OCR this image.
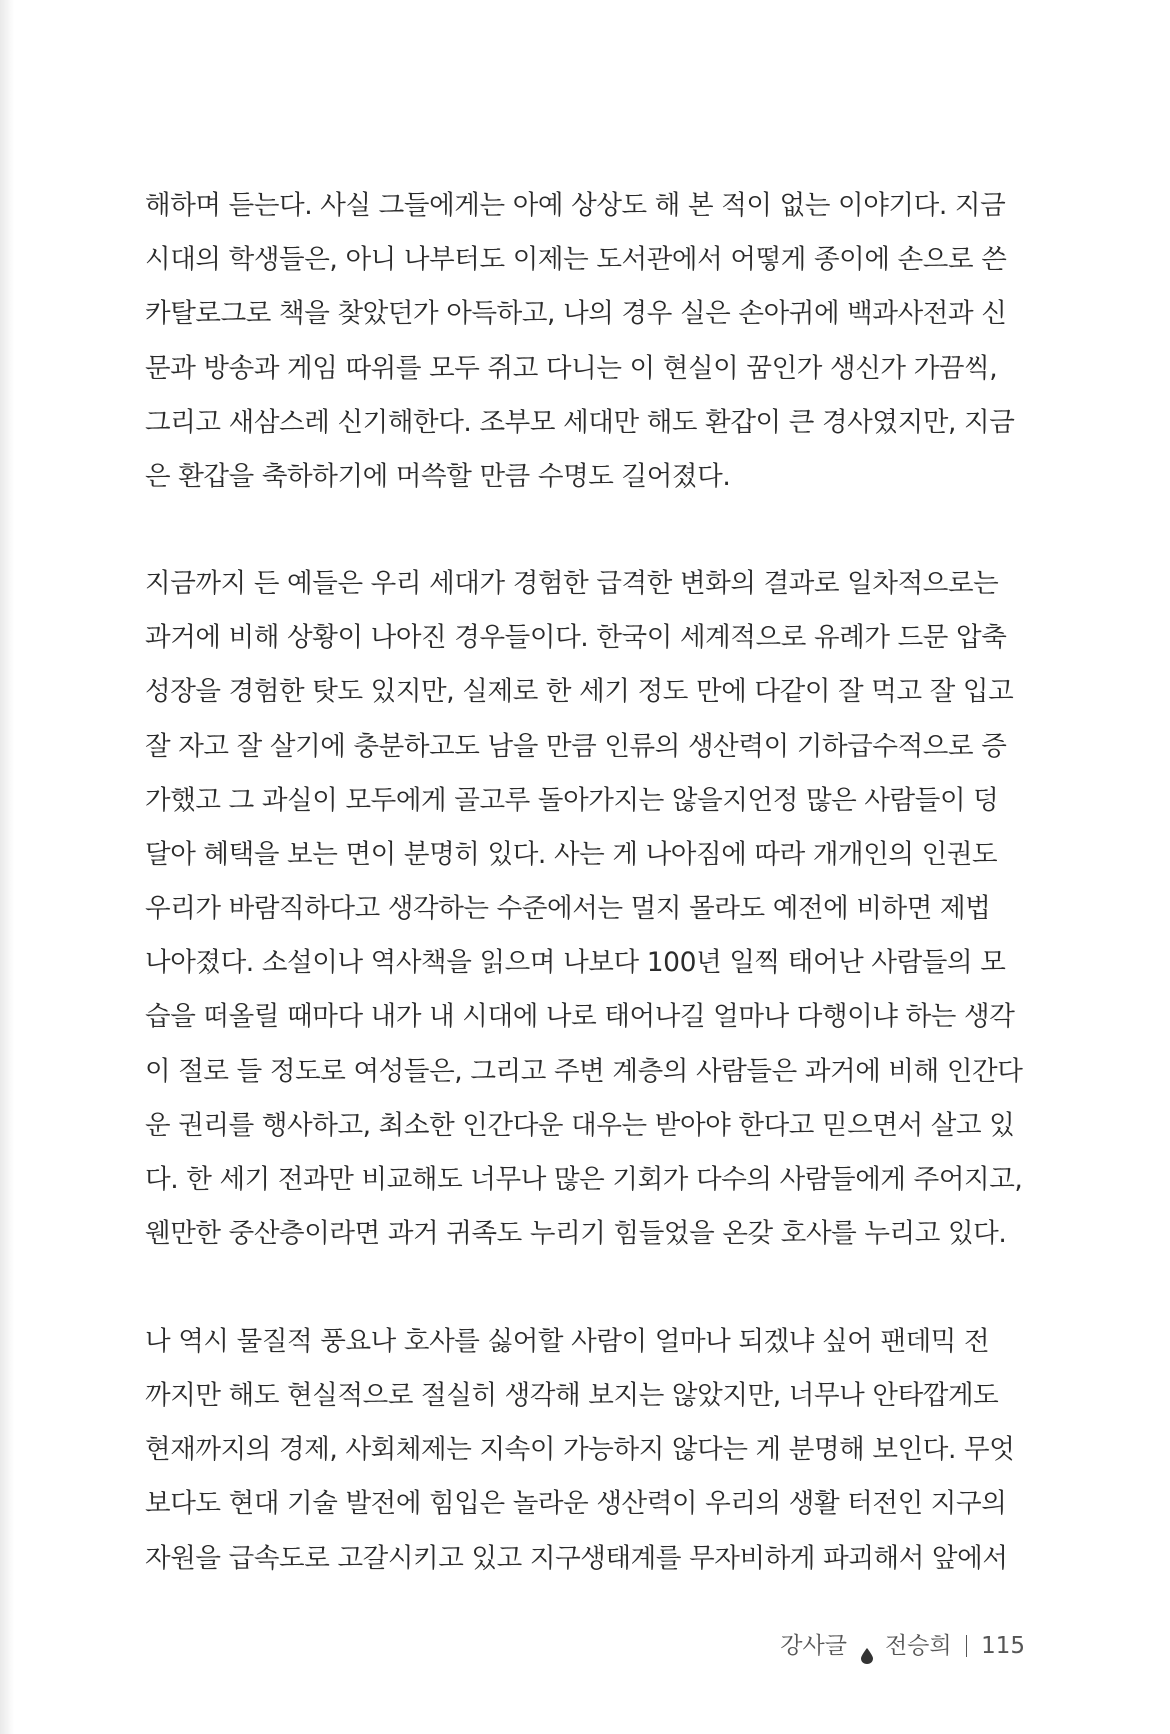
해하며 듣는다. 사실 그들에게는 아예 상상도 해 본 적이 없는 이야기다. 지금
시대의 학생들은, 아니 나부터도 이제는 도서관에서 어떻게 종이에 손으로 쓴
카탈로그로 책을 찾았던가 아득하고, 나의 경우 실은 손아귀에 백과사전과 신
문과 방송과 게임 따위를 모두 쥐고 다니는 이 현실이 꿈인가 생신가 가끔씩,
그리고 새삼스레 신기해한다. 조부모 세대만 해도 환갑이 큰 경사였지만, 지금
은 환갑을 축하하기에 머쓱할 만큼 수명도 길어졌다.
지금까지 든 예들은 우리 세대가 경험한 급격한 변화의 결과로 일차적으로는
과거에 비해 상황이 나아진 경우들이다. 한국이 세계적으로 유례가 드문 압축
성장을 경험한 탓도 있지만, 실제로 한 세기 정도 만에 다같이 잘 먹고 잘 입고
잘 자고 잘 살기에 충분하고도 남을 만큼 인류의 생산력이 기하급수적으로 증
가했고 그 과실이 모두에게 골고루 돌아가지는 않을지언정 많은 사람들이 덩
달아 혜택을 보는 면이 분명히 있다. 사는 게 나아짐에 따라 개개인의 인권도
우리가 바람직하다고 생각하는 수준에서는 멀지 몰라도 예전에 비하면 제법
나아졌다. 소설이나 역사책을 읽으며 나보다 100년 일찍 태어난 사람들의 모
습을 떠올릴 때마다 내가 내 시대에 나로 태어나길 얼마나 다행이냐 하는 생각
이 절로 들 정도로 여성들은, 그리고 주변 계층의 사람들은 과거에 비해 인간다
운 권리를 행사하고, 최소한 인간다운 대우는 받아야 한다고 믿으면서 살고 있
다. 한 세기 전과만 비교해도 너무나 많은 기회가 다수의 사람들에게 주어지고,
웬만한 중산층이라면 과거 귀족도 누리기 힘들었을 온갖 호사를 누리고 있다.
나 역시 물질적 풍요나 호사를 싫어할 사람이 얼마나 되겠냐 싶어 팬데믹 전
까지만 해도 현실적으로 절실히 생각해 보지는 않았지만, 너무나 안타깝게도
현재까지의 경제, 사회체제는 지속이 가능하지 않다는 게 분명해 보인다. 무엇
보다도 현대 기술 발전에 힘입은 놀라운 생산력이 우리의 생활 터전인 지구의
자원을 급속도로 고갈시키고 있고 지구생태계를 무자비하게 파괴해서 앞에서
강사글 전승희 115
